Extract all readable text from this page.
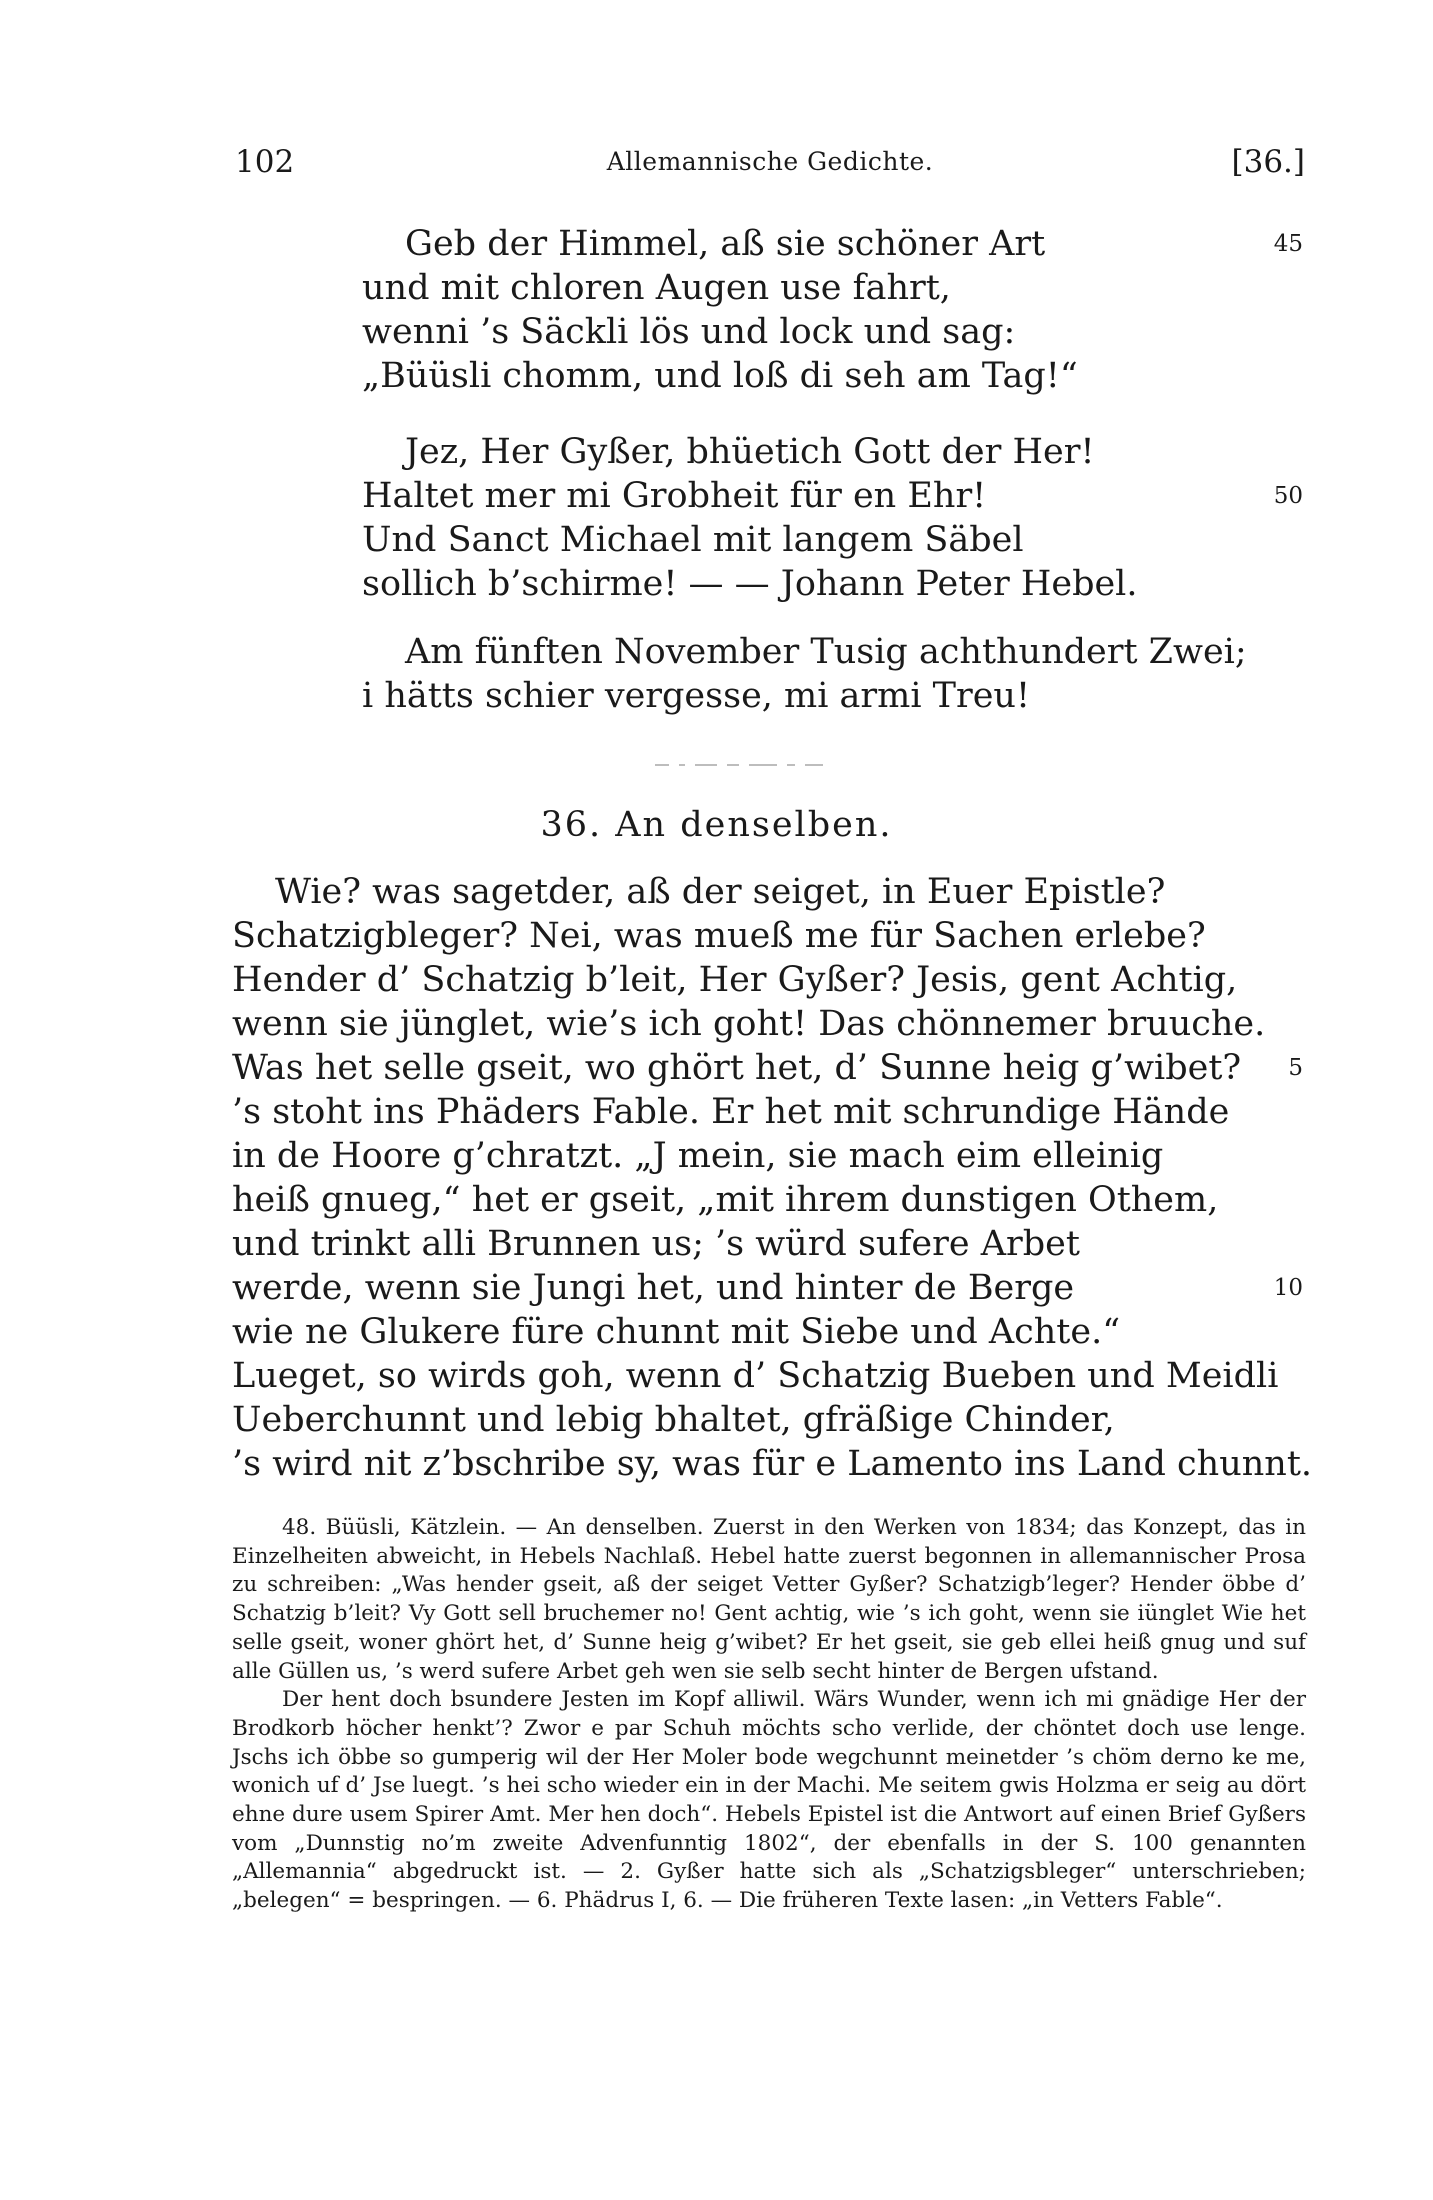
102	Allemannische Gedichte.	[36.]
Geb der Himmel, aß sie schöner Art	45
und mit chloren Augen use fahrt,
wenni ’s Säckli lös und lock und sag:
„Büüsli chomm, und loß di seh am Tag!“
Jez, Her Gyßer, bhüetich Gott der Her!
Haltet mer mi Grobheit für en Ehr!	50
Und Sanct Michael mit langem Säbel
sollich b’schirme! — — Johann Peter Hebel.
Am fünften November Tusig achthundert Zwei;
i hätts schier vergesse, mi armi Treu!
36. An denselben.
Wie? was sagetder, aß der seiget, in Euer Epistle?
Schatzigbleger? Nei, was mueß me für Sachen erlebe?
Hender d’ Schatzig b’leit, Her Gyßer? Jesis, gent Achtig,
wenn sie jünglet, wie’s ich goht! Das chönnemer bruuche.
Was het selle gseit, wo ghört het, d’ Sunne heig g’wibet?	5
’s stoht ins Phäders Fable. Er het mit schrundige Hände
in de Hoore g’chratzt. „J mein, sie mach eim elleinig
heiß gnueg,“ het er gseit, „mit ihrem dunstigen Othem,
und trinkt alli Brunnen us; ’s würd sufere Arbet
werde, wenn sie Jungi het, und hinter de Berge	10
wie ne Glukere füre chunnt mit Siebe und Achte.“
Lueget, so wirds goh, wenn d’ Schatzig Bueben und Meidli
Ueberchunnt und lebig bhaltet, gfräßige Chinder,
’s wird nit z’bschribe sy, was für e Lamento ins Land chunnt.

48. Büüsli, Kätzlein. — An denselben. Zuerst in den Werken von 1834; das Konzept, das in Einzelheiten abweicht, in Hebels Nachlaß. Hebel hatte zuerst begonnen in allemannischer Prosa zu schreiben: „Was hender gseit, aß der seiget Vetter Gyßer? Schatzigb’leger? Hender öbbe d’ Schatzig b’leit? Vy Gott sell bruchemer no! Gent achtig, wie ’s ich goht, wenn sie iünglet Wie het selle gseit, woner ghört het, d’ Sunne heig g’wibet? Er het gseit, sie geb ellei heiß gnug und suf alle Güllen us, ’s werd sufere Arbet geh wen sie selb secht hinter de Bergen ufstand.

Der hent doch bsundere Jesten im Kopf alliwil. Wärs Wunder, wenn ich mi gnädige Her der Brodkorb höcher henkt’? Zwor e par Schuh möchts scho verlide, der chöntet doch use lenge. Jschs ich öbbe so gumperig wil der Her Moler bode wegchunnt meinetder ’s chöm derno ke me, wonich uf d’ Jse luegt. ’s hei scho wieder ein in der Machi. Me seitem gwis Holzma er seig au dört ehne dure usem Spirer Amt. Mer hen doch“. Hebels Epistel ist die Antwort auf einen Brief Gyßers vom „Dunnstig no’m zweite Advenfunntig 1802“, der ebenfalls in der S. 100 genannten „Allemannia“ abgedruckt ist. — 2. Gyßer hatte sich als „Schatzigsbleger“ unterschrieben; „belegen“ = bespringen. — 6. Phädrus I, 6. — Die früheren Texte lasen: „in Vetters Fable“.
